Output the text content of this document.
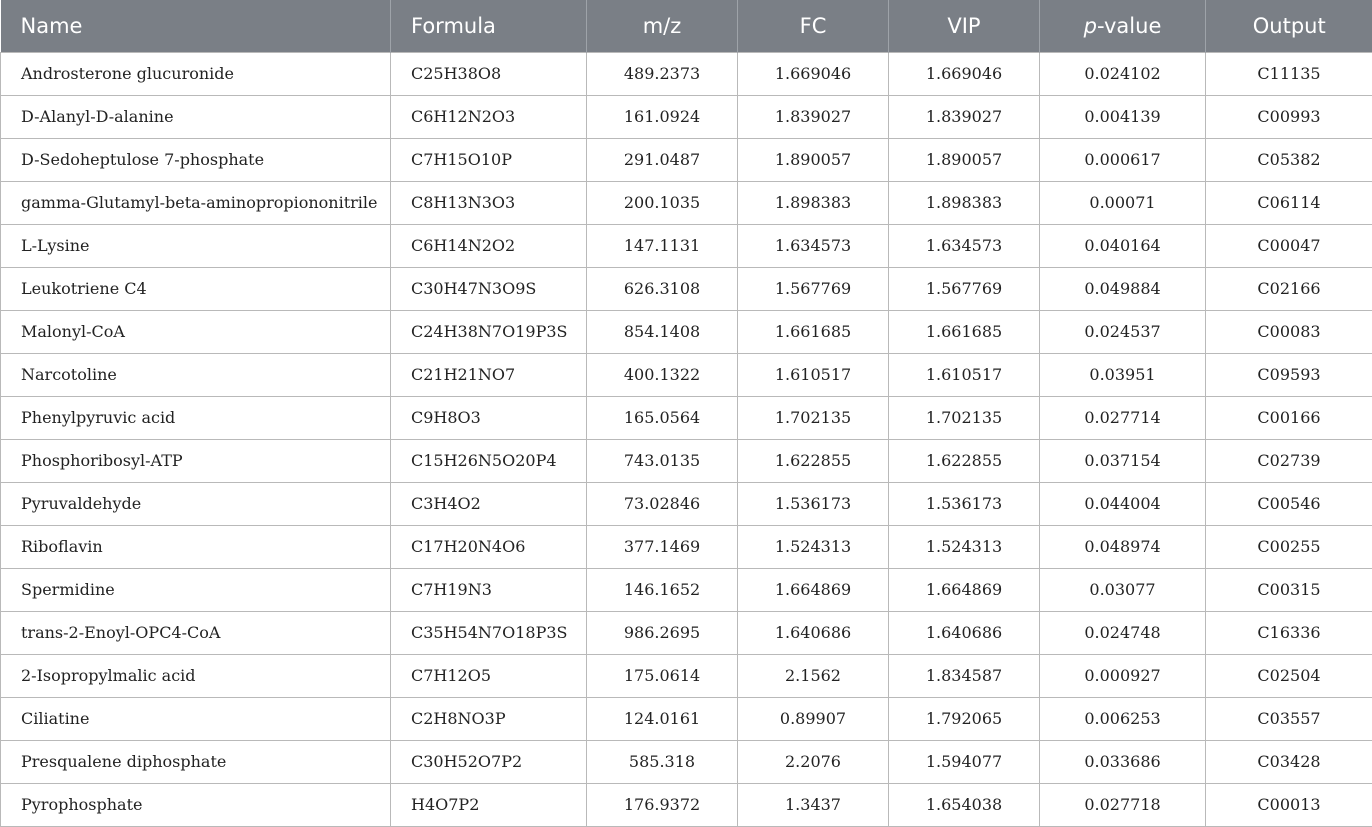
Name	Formula	m/z	FC	VIP	p-value	Output
Androsterone glucuronide	C25H38O8	489.2373	1.669046	1.669046	0.024102	C11135
D-Alanyl-D-alanine	C6H12N2O3	161.0924	1.839027	1.839027	0.004139	C00993
D-Sedoheptulose 7-phosphate	C7H15O10P	291.0487	1.890057	1.890057	0.000617	C05382
gamma-Glutamyl-beta-aminopropiononitrile	C8H13N3O3	200.1035	1.898383	1.898383	0.00071	C06114
L-Lysine	C6H14N2O2	147.1131	1.634573	1.634573	0.040164	C00047
Leukotriene C4	C30H47N3O9S	626.3108	1.567769	1.567769	0.049884	C02166
Malonyl-CoA	C24H38N7O19P3S	854.1408	1.661685	1.661685	0.024537	C00083
Narcotoline	C21H21NO7	400.1322	1.610517	1.610517	0.03951	C09593
Phenylpyruvic acid	C9H8O3	165.0564	1.702135	1.702135	0.027714	C00166
Phosphoribosyl-ATP	C15H26N5O20P4	743.0135	1.622855	1.622855	0.037154	C02739
Pyruvaldehyde	C3H4O2	73.02846	1.536173	1.536173	0.044004	C00546
Riboflavin	C17H20N4O6	377.1469	1.524313	1.524313	0.048974	C00255
Spermidine	C7H19N3	146.1652	1.664869	1.664869	0.03077	C00315
trans-2-Enoyl-OPC4-CoA	C35H54N7O18P3S	986.2695	1.640686	1.640686	0.024748	C16336
2-Isopropylmalic acid	C7H12O5	175.0614	2.1562	1.834587	0.000927	C02504
Ciliatine	C2H8NO3P	124.0161	0.89907	1.792065	0.006253	C03557
Presqualene diphosphate	C30H52O7P2	585.318	2.2076	1.594077	0.033686	C03428
Pyrophosphate	H4O7P2	176.9372	1.3437	1.654038	0.027718	C00013
